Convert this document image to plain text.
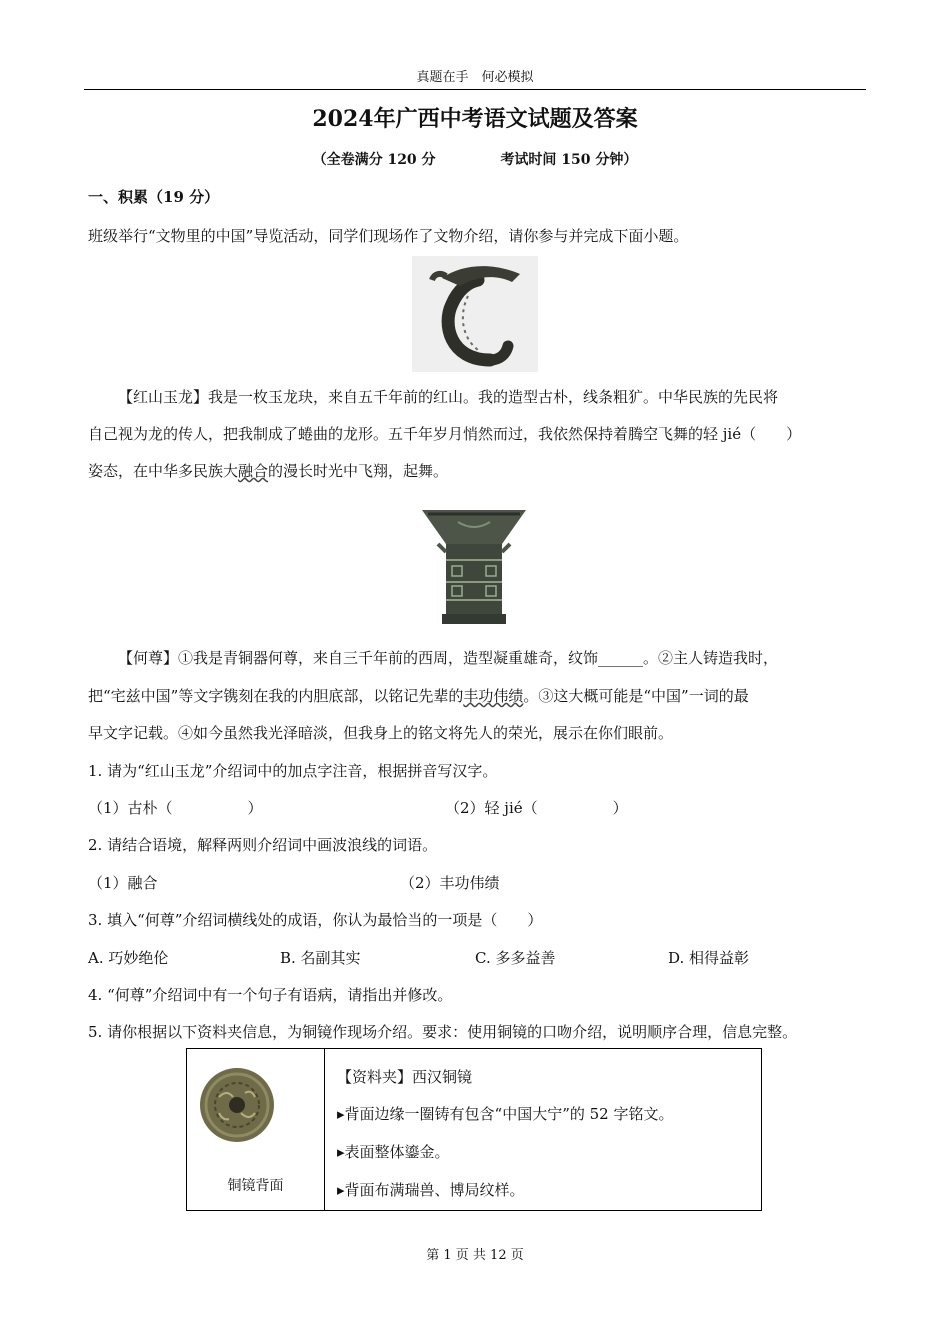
真题在手　何必模拟
2024年广西中考语文试题及答案
（全卷满分 120 分	考试时间 150 分钟）
一、积累（19 分）
班级举行“文物里的中国”导览活动，同学们现场作了文物介绍，请你参与并完成下面小题。
【红山玉龙】我是一枚玉龙玦，来自五千年前的红山。我的造型古朴，线条粗犷。中华民族的先民将
自己视为龙的传人，把我制成了蜷曲的龙形。五千年岁月悄然而过，我依然保持着腾空飞舞的轻 jié（　　）
姿态，在中华多民族大融合的漫长时光中飞翔，起舞。
【何尊】①我是青铜器何尊，来自三千年前的西周，造型凝重雄奇，纹饰______。②主人铸造我时，
把“宅兹中国”等文字镌刻在我的内胆底部，以铭记先辈的丰功伟绩。③这大概可能是“中国”一词的最
早文字记载。④如今虽然我光泽暗淡，但我身上的铭文将先人的荣光，展示在你们眼前。
1. 请为“红山玉龙”介绍词中的加点字注音，根据拼音写汉字。
（1）古朴（　　　　　）	（2）轻 jié（　　　　　）
2. 请结合语境，解释两则介绍词中画波浪线的词语。
（1）融合	（2）丰功伟绩
3. 填入“何尊”介绍词横线处的成语，你认为最恰当的一项是（　　）
A. 巧妙绝伦	B. 名副其实	C. 多多益善	D. 相得益彰
4. “何尊”介绍词中有一个句子有语病，请指出并修改。
5. 请你根据以下资料夹信息，为铜镜作现场介绍。要求：使用铜镜的口吻介绍，说明顺序合理，信息完整。
铜镜背面
【资料夹】西汉铜镜
▸背面边缘一圈铸有包含“中国大宁”的 52 字铭文。
▸表面整体鎏金。
▸背面布满瑞兽、博局纹样。
第 1 页 共 12 页
